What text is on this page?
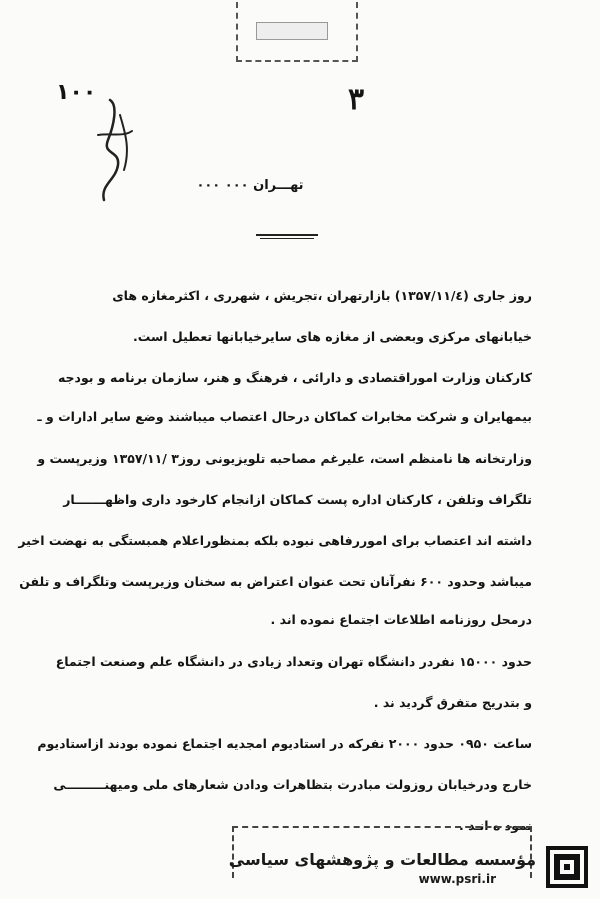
۳
۱۰۰
تهـــران ۰۰۰ ۰۰۰
روز جاری (۱۳۵۷/۱۱/٤) بازارتهران ،تجریش ، شهرری ، اکثرمغازه های
خیابانهای مرکزی وبعضی از مغازه های سایرخیابانها تعطیل است.
کارکنان وزارت اموراقتصادی و دارائی ، فرهنگ و هنر، سازمان برنامه و بودجه
بیمهایران و شرکت مخابرات کماکان درحال اعتصاب میباشند وضع سایر ادارات و ـ
وزارتخانه ها نامنظم است، علیرغم مصاحبه تلویزیونی روز۳ /۱۳۵۷/۱۱ وزیرپست و
تلگراف وتلفن ، کارکنان اداره پست کماکان ازانجام کارخود داری واظهـــــــار
داشته اند اعتصاب برای اموررفاهی نبوده بلکه بمنظوراعلام همبستگی به نهضت اخیر
میباشد وحدود ۶۰۰ نفرآنان تحت عنوان اعتراض به سخنان وزیرپست وتلگراف و تلفن
درمحل روزنامه اطلاعات اجتماع نموده اند .
حدود ۱۵۰۰۰ نفردر دانشگاه تهران وتعداد زیادی در دانشگاه علم وصنعت اجتماع
و بتدریج متفرق گردید ند .
ساعت ۰۹۵۰ حدود ۲۰۰۰ نفرکه در استادیوم امجدیه اجتماع نموده بودند ازاستادیوم
خارج ودرخیابان روزولت مبادرت بتظاهرات ودادن شعارهای ملی ومیهنـــــــــی
نمود ه انـد .
مؤسسه مطالعات و پژوهشهای سیاسی
www.psri.ir
